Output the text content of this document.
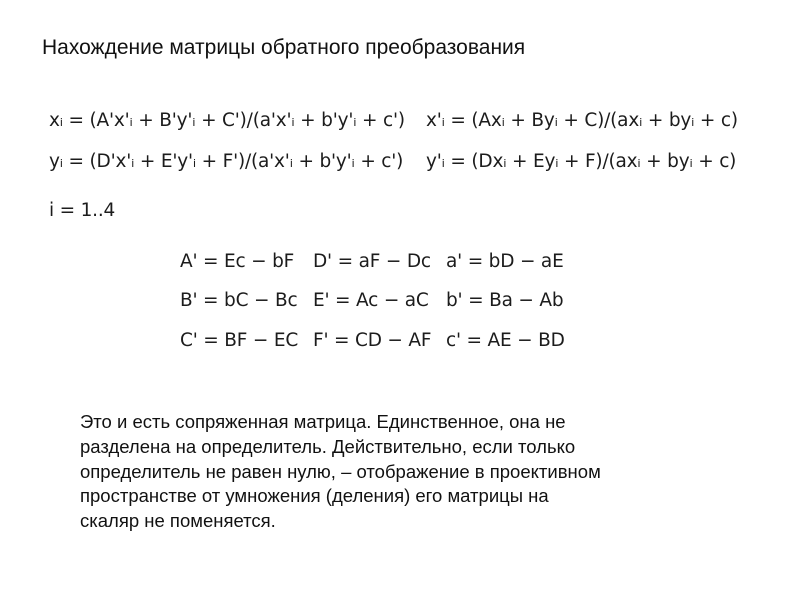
Нахождение матрицы обратного преобразования
xᵢ = (A'x'ᵢ + B'y'ᵢ + C')/(a'x'ᵢ + b'y'ᵢ + c') x'ᵢ = (Axᵢ + Byᵢ + C)/(axᵢ + byᵢ + c)
yᵢ = (D'x'ᵢ + E'y'ᵢ + F')/(a'x'ᵢ + b'y'ᵢ + c') y'ᵢ = (Dxᵢ + Eyᵢ + F)/(axᵢ + byᵢ + c)
i = 1..4
A' = Ec − bF D' = aF − Dc a' = bD − aE
B' = bC − Bc E' = Ac − aC b' = Ba − Ab
C' = BF − EC F' = CD − AF c' = AE − BD
Это и есть сопряженная матрица. Единственное, она не
разделена на определитель. Действительно, если только
определитель не равен нулю, – отображение в проективном
пространстве от умножения (деления) его матрицы на
скаляр не поменяется.
